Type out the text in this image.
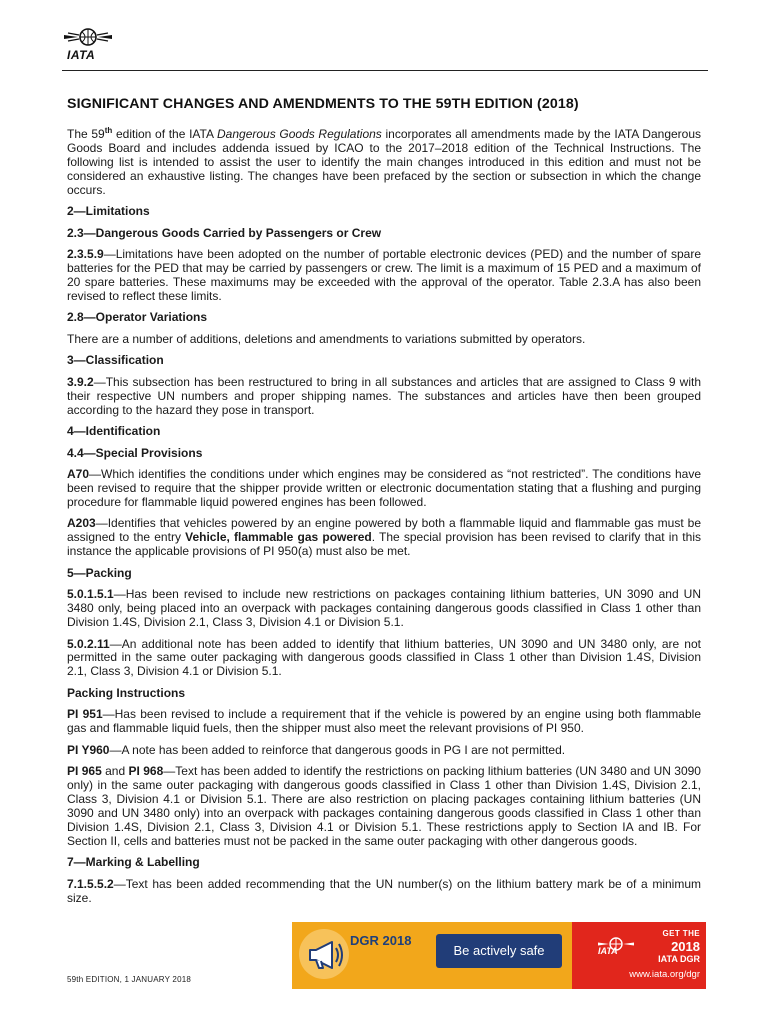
IATA
SIGNIFICANT CHANGES AND AMENDMENTS TO THE 59TH EDITION (2018)

The 59th edition of the IATA Dangerous Goods Regulations incorporates all amendments made by the IATA Dangerous Goods Board and includes addenda issued by ICAO to the 2017–2018 edition of the Technical Instructions. The following list is intended to assist the user to identify the main changes introduced in this edition and must not be considered an exhaustive listing. The changes have been prefaced by the section or subsection in which the change occurs.

2—Limitations
2.3—Dangerous Goods Carried by Passengers or Crew

2.3.5.9—Limitations have been adopted on the number of portable electronic devices (PED) and the number of spare batteries for the PED that may be carried by passengers or crew. The limit is a maximum of 15 PED and a maximum of 20 spare batteries. These maximums may be exceeded with the approval of the operator. Table 2.3.A has also been revised to reflect these limits.

2.8—Operator Variations

There are a number of additions, deletions and amendments to variations submitted by operators.

3—Classification

3.9.2—This subsection has been restructured to bring in all substances and articles that are assigned to Class 9 with their respective UN numbers and proper shipping names. The substances and articles have then been grouped according to the hazard they pose in transport.

4—Identification
4.4—Special Provisions

A70—Which identifies the conditions under which engines may be considered as “not restricted”. The conditions have been revised to require that the shipper provide written or electronic documentation stating that a flushing and purging procedure for flammable liquid powered engines has been followed.

A203—Identifies that vehicles powered by an engine powered by both a flammable liquid and flammable gas must be assigned to the entry Vehicle, flammable gas powered. The special provision has been revised to clarify that in this instance the applicable provisions of PI 950(a) must also be met.

5—Packing

5.0.1.5.1—Has been revised to include new restrictions on packages containing lithium batteries, UN 3090 and UN 3480 only, being placed into an overpack with packages containing dangerous goods classified in Class 1 other than Division 1.4S, Division 2.1, Class 3, Division 4.1 or Division 5.1.

5.0.2.11—An additional note has been added to identify that lithium batteries, UN 3090 and UN 3480 only, are not permitted in the same outer packaging with dangerous goods classified in Class 1 other than Division 1.4S, Division 2.1, Class 3, Division 4.1 or Division 5.1.

Packing Instructions

PI 951—Has been revised to include a requirement that if the vehicle is powered by an engine using both flammable gas and flammable liquid fuels, then the shipper must also meet the relevant provisions of PI 950.

PI Y960—A note has been added to reinforce that dangerous goods in PG I are not permitted.

PI 965 and PI 968—Text has been added to identify the restrictions on packing lithium batteries (UN 3480 and UN 3090 only) in the same outer packaging with dangerous goods classified in Class 1 other than Division 1.4S, Division 2.1, Class 3, Division 4.1 or Division 5.1. There are also restriction on placing packages containing lithium batteries (UN 3090 and UN 3480 only) into an overpack with packages containing dangerous goods classified in Class 1 other than Division 1.4S, Division 2.1, Class 3, Division 4.1 or Division 5.1. These restrictions apply to Section IA and IB. For Section II, cells and batteries must not be packed in the same outer packaging with other dangerous goods.

7—Marking & Labelling

7.1.5.5.2—Text has been added recommending that the UN number(s) on the lithium battery mark be of a minimum size.

59th EDITION, 1 JANUARY 2018
DGR 2018
Be actively safe	IATA
GET THE
2018
IATA DGR
www.iata.org/dgr
